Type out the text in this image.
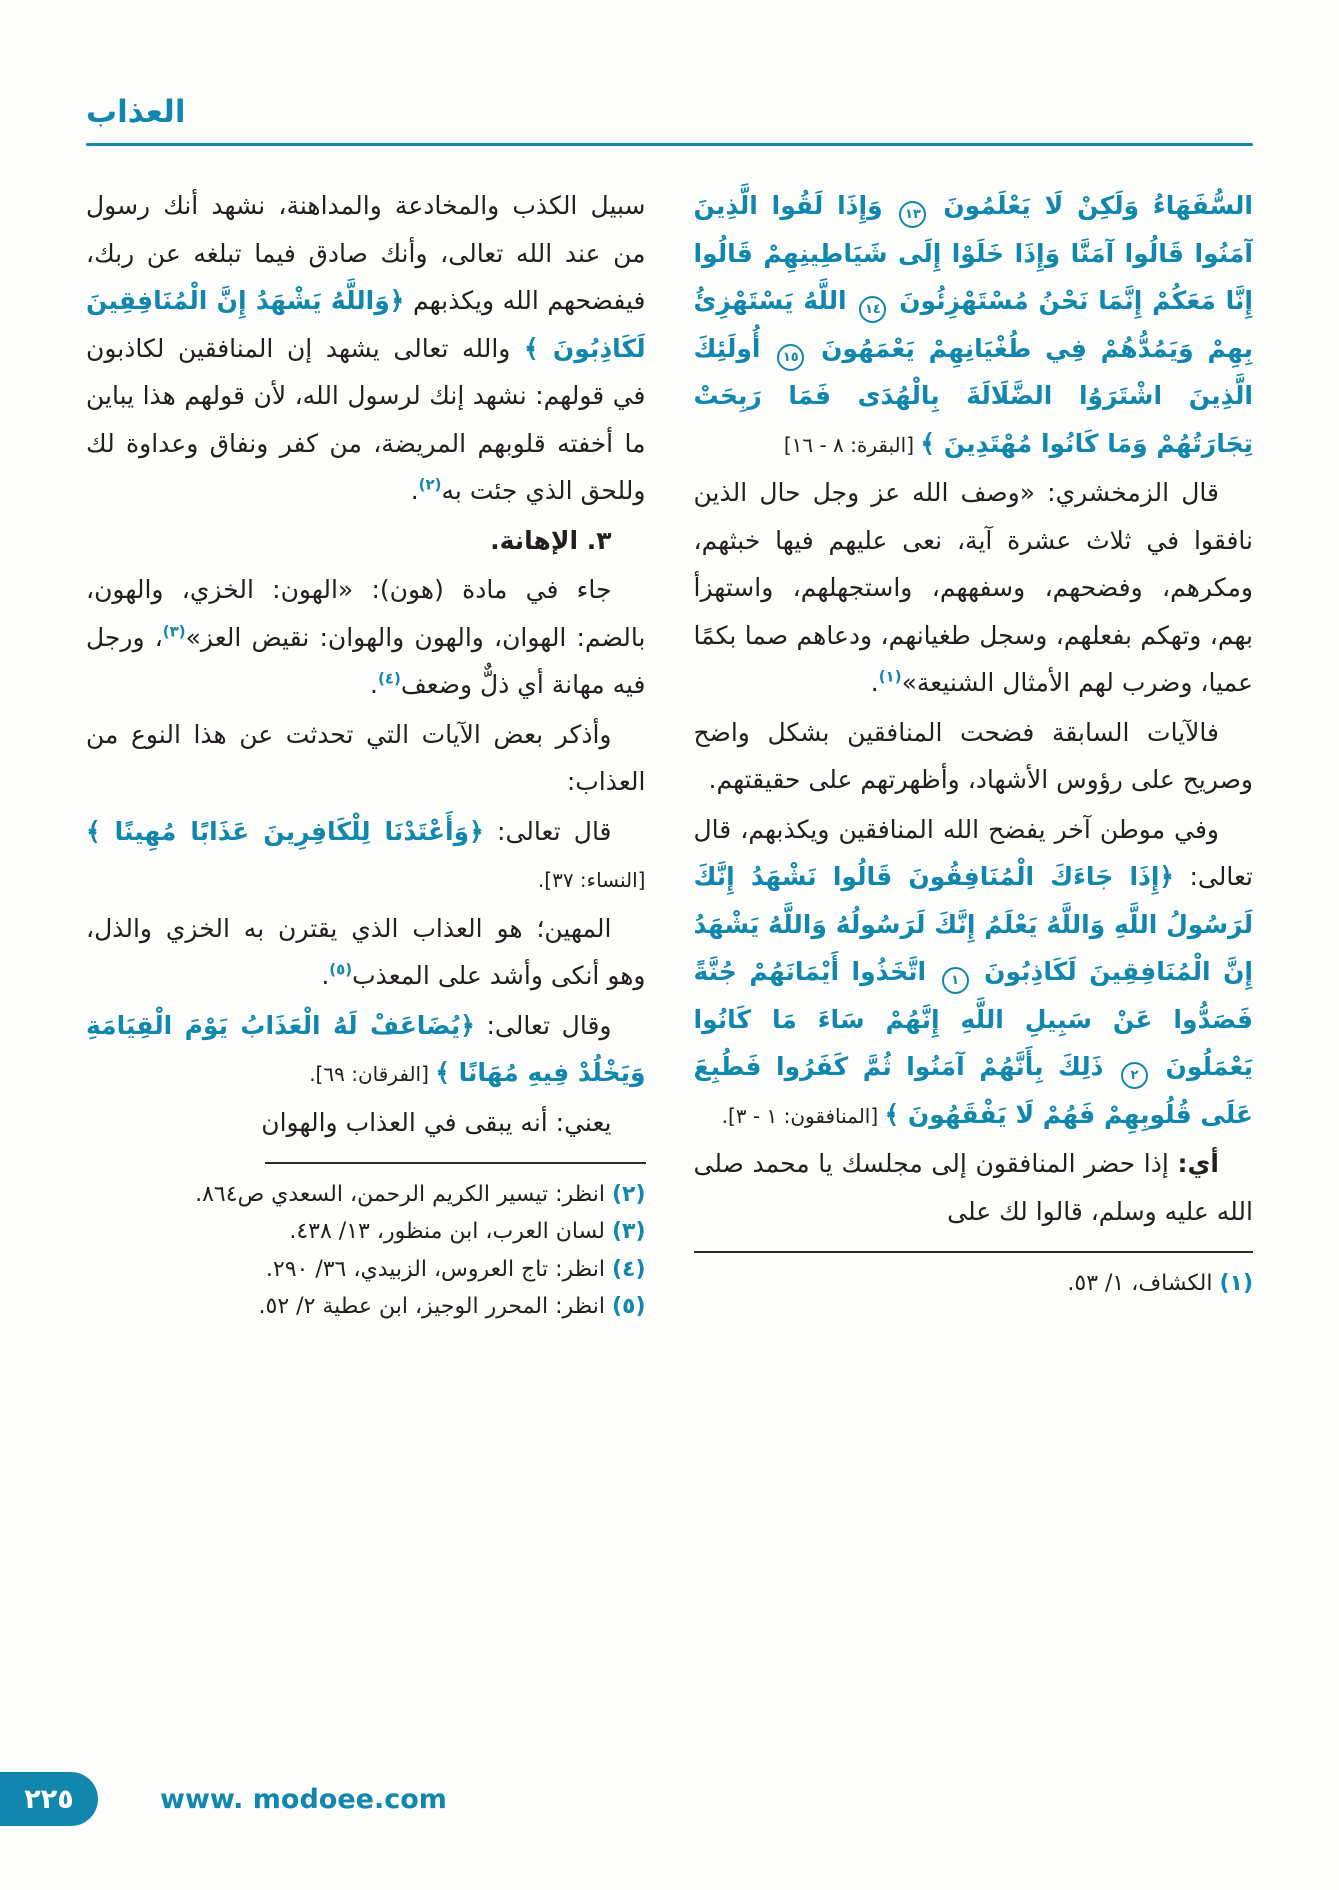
العذاب

السُّفَهَاءُ وَلَكِنْ لَا يَعْلَمُونَ ١٣ وَإِذَا لَقُوا الَّذِينَ آمَنُوا قَالُوا آمَنَّا وَإِذَا خَلَوْا إِلَى شَيَاطِينِهِمْ قَالُوا إِنَّا مَعَكُمْ إِنَّمَا نَحْنُ مُسْتَهْزِئُونَ ١٤ اللَّهُ يَسْتَهْزِئُ بِهِمْ وَيَمُدُّهُمْ فِي طُغْيَانِهِمْ يَعْمَهُونَ ١٥ أُولَئِكَ الَّذِينَ اشْتَرَوُا الضَّلَالَةَ بِالْهُدَى فَمَا رَبِحَتْ تِجَارَتُهُمْ وَمَا كَانُوا مُهْتَدِينَ ﴾ [البقرة: ٨ - ١٦]

قال الزمخشري: «وصف الله عز وجل حال الذين نافقوا في ثلاث عشرة آية، نعى عليهم فيها خبثهم، ومكرهم، وفضحهم، وسفههم، واستجهلهم، واستهزأ بهم، وتهكم بفعلهم، وسجل طغيانهم، ودعاهم صما بكمًا عميا، وضرب لهم الأمثال الشنيعة»$^{(١)}$.

فالآيات السابقة فضحت المنافقين بشكل واضح وصريح على رؤوس الأشهاد، وأظهرتهم على حقيقتهم.

وفي موطن آخر يفضح الله المنافقين ويكذبهم، قال تعالى: ﴿إِذَا جَاءَكَ الْمُنَافِقُونَ قَالُوا نَشْهَدُ إِنَّكَ لَرَسُولُ اللَّهِ وَاللَّهُ يَعْلَمُ إِنَّكَ لَرَسُولُهُ وَاللَّهُ يَشْهَدُ إِنَّ الْمُنَافِقِينَ لَكَاذِبُونَ ١ اتَّخَذُوا أَيْمَانَهُمْ جُنَّةً فَصَدُّوا عَنْ سَبِيلِ اللَّهِ إِنَّهُمْ سَاءَ مَا كَانُوا يَعْمَلُونَ ٢ ذَلِكَ بِأَنَّهُمْ آمَنُوا ثُمَّ كَفَرُوا فَطُبِعَ عَلَى قُلُوبِهِمْ فَهُمْ لَا يَفْقَهُونَ ﴾ [المنافقون: ١ - ٣].

أي: إذا حضر المنافقون إلى مجلسك يا محمد صلى الله عليه وسلم، قالوا لك على

(١) الكشاف، ١/ ٥٣.

سبيل الكذب والمخادعة والمداهنة، نشهد أنك رسول من عند الله تعالى، وأنك صادق فيما تبلغه عن ربك، فيفضحهم الله ويكذبهم ﴿وَاللَّهُ يَشْهَدُ إِنَّ الْمُنَافِقِينَ لَكَاذِبُونَ ﴾ والله تعالى يشهد إن المنافقين لكاذبون في قولهم: نشهد إنك لرسول الله، لأن قولهم هذا يباين ما أخفته قلوبهم المريضة، من كفر ونفاق وعداوة لك وللحق الذي جئت به$^{(٢)}$.

٣. الإهانة.

جاء في مادة (هون): «الهون: الخزي، والهون، بالضم: الهوان، والهون والهوان: نقيض العز»$^{(٣)}$، ورجل فيه مهانة أي ذلٌّ وضعف$^{(٤)}$.

وأذكر بعض الآيات التي تحدثت عن هذا النوع من العذاب:

قال تعالى: ﴿وَأَعْتَدْنَا لِلْكَافِرِينَ عَذَابًا مُهِينًا ﴾ [النساء: ٣٧].

المهين؛ هو العذاب الذي يقترن به الخزي والذل، وهو أنكى وأشد على المعذب$^{(٥)}$.

وقال تعالى: ﴿يُضَاعَفْ لَهُ الْعَذَابُ يَوْمَ الْقِيَامَةِ وَيَخْلُدْ فِيهِ مُهَانًا ﴾ [الفرقان: ٦٩].

يعني: أنه يبقى في العذاب والهوان

(٢) انظر: تيسير الكريم الرحمن، السعدي ص٨٦٤.
(٣) لسان العرب، ابن منظور، ١٣/ ٤٣٨.
(٤) انظر: تاج العروس، الزبيدي، ٣٦/ ٢٩٠.
(٥) انظر: المحرر الوجيز، ابن عطية ٢/ ٥٢.
٢٢٥	www. modoee.com
